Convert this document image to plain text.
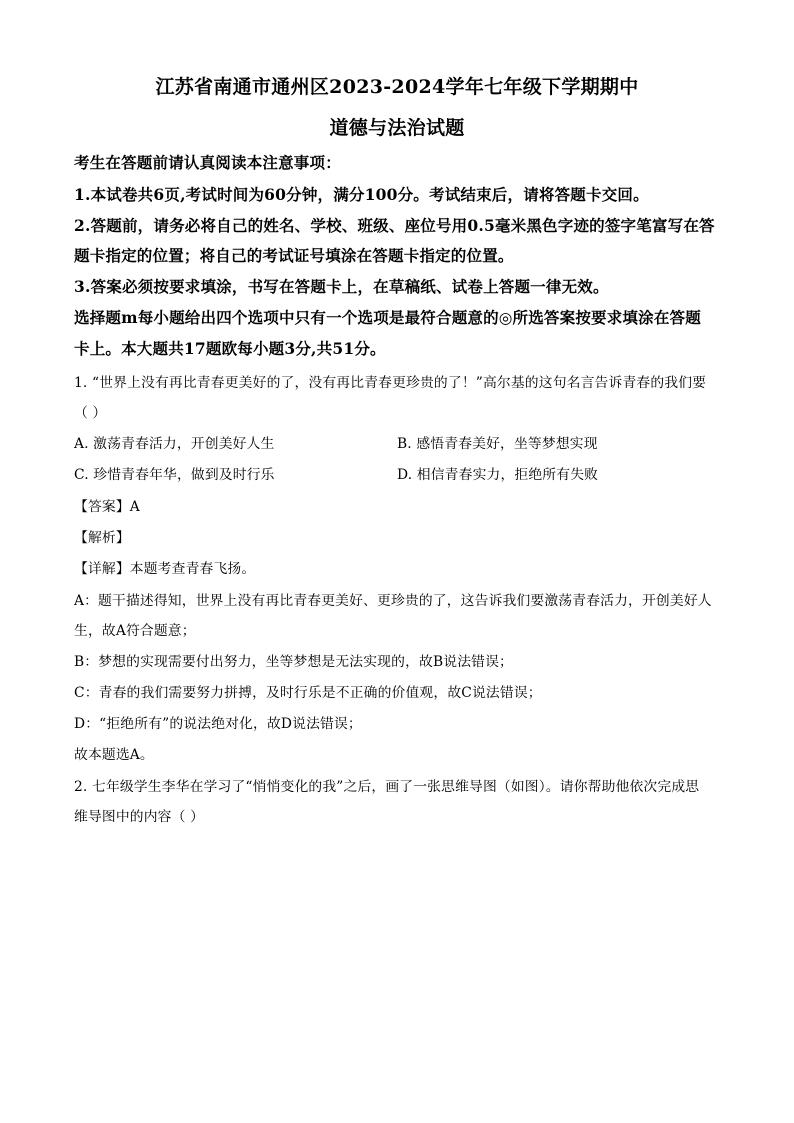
江苏省南通市通州区2023-2024学年七年级下学期期中
道德与法治试题
考生在答题前请认真阅读本注意事项：
1.本试卷共6页,考试时间为60分钟，满分100分。考试结束后，请将答题卡交回。
2.答题前，请务必将自己的姓名、学校、班级、座位号用0.5毫米黑色字迹的签字笔富写在答
题卡指定的位置；将自己的考试证号填涂在答题卡指定的位置。
3.答案必须按要求填涂，书写在答题卡上，在草稿纸、试卷上答题一律无效。
选择题m每小题给出四个选项中只有一个选项是最符合题意的◎所选答案按要求填涂在答题
卡上。本大题共17题欧每小题3分,共51分。
1. “世界上没有再比青春更美好的了，没有再比青春更珍贵的了！”高尔基的这句名言告诉青春的我们要
（ ）
A. 激荡青春活力，开创美好人生	B. 感悟青春美好，坐等梦想实现
C. 珍惜青春年华，做到及时行乐	D. 相信青春实力，拒绝所有失败
【答案】A
【解析】
【详解】本题考查青春飞扬。
A：题干描述得知，世界上没有再比青春更美好、更珍贵的了，这告诉我们要激荡青春活力，开创美好人
生，故A符合题意；
B：梦想的实现需要付出努力，坐等梦想是无法实现的，故B说法错误；
C：青春的我们需要努力拼搏，及时行乐是不正确的价值观，故C说法错误；
D：“拒绝所有”的说法绝对化，故D说法错误；
故本题选A。
2. 七年级学生李华在学习了“悄悄变化的我”之后，画了一张思维导图（如图）。请你帮助他依次完成思
维导图中的内容（ ）
